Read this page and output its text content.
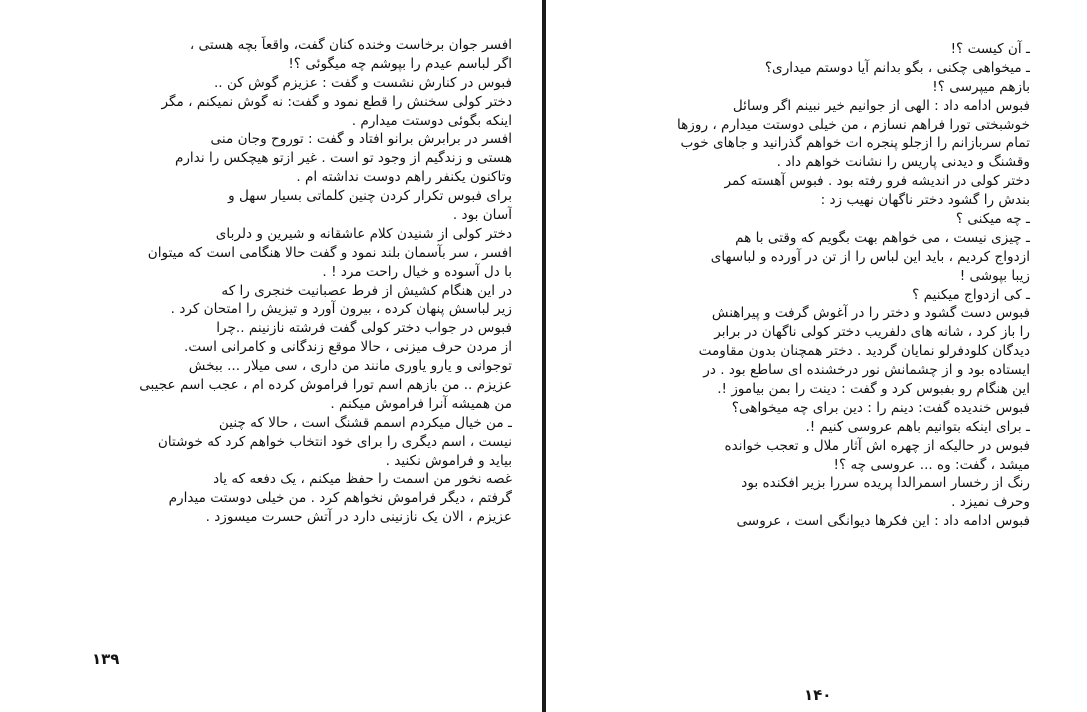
افسر جوان برخاست وخنده کنان گفت، واقعاً بچه هستی ،
اگر لباسم عیدم را بپوشم چه میگوئی ؟!
فبوس در کنارش نشست و گفت : عزیزم گوش کن ..
دختر کولی سخنش را قطع نمود و گفت: نه گوش نمیکنم ، مگر
اینکه بگوئی دوستت میدارم .
افسر در برابرش برانو افتاد و گفت : توروح وجان منی
هستی و زندگیم از وجود تو است . غیر ازتو هیچکس را ندارم
وتاکنون یکنفر راهم دوست نداشته ام .
برای فبوس تکرار کردن چنین کلماتی بسیار سهل و
آسان بود .
دختر کولی از شنیدن کلام عاشقانه و شیرین و دلربای
افسر ، سر بآسمان بلند نمود و گفت حالا هنگامی است که میتوان
با دل آسوده و خیال راحت مرد ! .
در این هنگام کشیش از فرط عصبانیت خنجری را که
زیر لباسش پنهان کرده ، بیرون آورد و تیزیش را امتحان کرد .
فبوس در جواب دختر کولی گفت فرشته نازنینم ..چرا
از مردن حرف میزنی ، حالا موقع زندگانی و کامرانی است.
توجوانی و یارو یاوری مانند من داری ، سی میلار ... ببخش
عزیزم .. من بازهم اسم تورا فراموش کرده ام ، عجب اسم عجیبی
من همیشه آنرا فراموش میکنم .
ـ من خیال میکردم اسمم قشنگ است ، حالا که چنین
نیست ، اسم دیگری را برای خود انتخاب خواهم کرد که خوشتان
بیاید و فراموش نکنید .
غصه نخور من اسمت را حفظ میکنم ، یک دفعه که یاد
گرفتم ، دیگر فراموش نخواهم کرد . من خیلی دوستت میدارم
عزیزم ، الان یک نازنینی دارد در آتش حسرت میسوزد .
۱۳۹
ـ آن کیست ؟!
ـ میخواهی چکنی ، بگو بدانم آیا دوستم میداری؟
بازهم میپرسی ؟!
فبوس ادامه داد : الهی از جوانیم خیر نبینم اگر وسائل
خوشبختی تورا فراهم نسازم ، من خیلی دوستت میدارم ، روزها
تمام سربازانم را ازجلو پنجره ات خواهم گذرانید و جاهای خوب
وقشنگ و دیدنی پاریس را نشانت خواهم داد .
دختر کولی در اندیشه فرو رفته بود . فبوس آهسته کمر
بندش را گشود دختر ناگهان نهیب زد :
ـ چه میکنی ؟
ـ چیزی نیست ، می خواهم بهت بگویم که وقتی با هم
ازدواج کردیم ، باید این لباس را از تن در آورده و لباسهای
زیبا بپوشی !
ـ کی ازدواج میکنیم ؟
فبوس دست گشود و دختر را در آغوش گرفت و پیراهنش
را باز کرد ، شانه های دلفریب دختر کولی ناگهان در برابر
دیدگان کلودفرلو نمایان گردید . دختر همچنان بدون مقاومت
ایستاده بود و از چشمانش نور درخشنده ای ساطع بود . در
این هنگام رو بفبوس کرد و گفت : دینت را بمن بیاموز !.
فبوس خندیده گفت: دینم را : دین برای چه میخواهی؟
ـ برای اینکه بتوانیم باهم عروسی کنیم !.
فبوس در حالیکه از چهره اش آثار ملال و تعجب خوانده
میشد ، گفت: وه ... عروسی چه ؟!
رنگ از رخسار اسمرالدا پریده سررا بزیر افکنده بود
وحرف نمیزد .
فبوس ادامه داد : این فکرها دیوانگی است ، عروسی
۱۴۰
